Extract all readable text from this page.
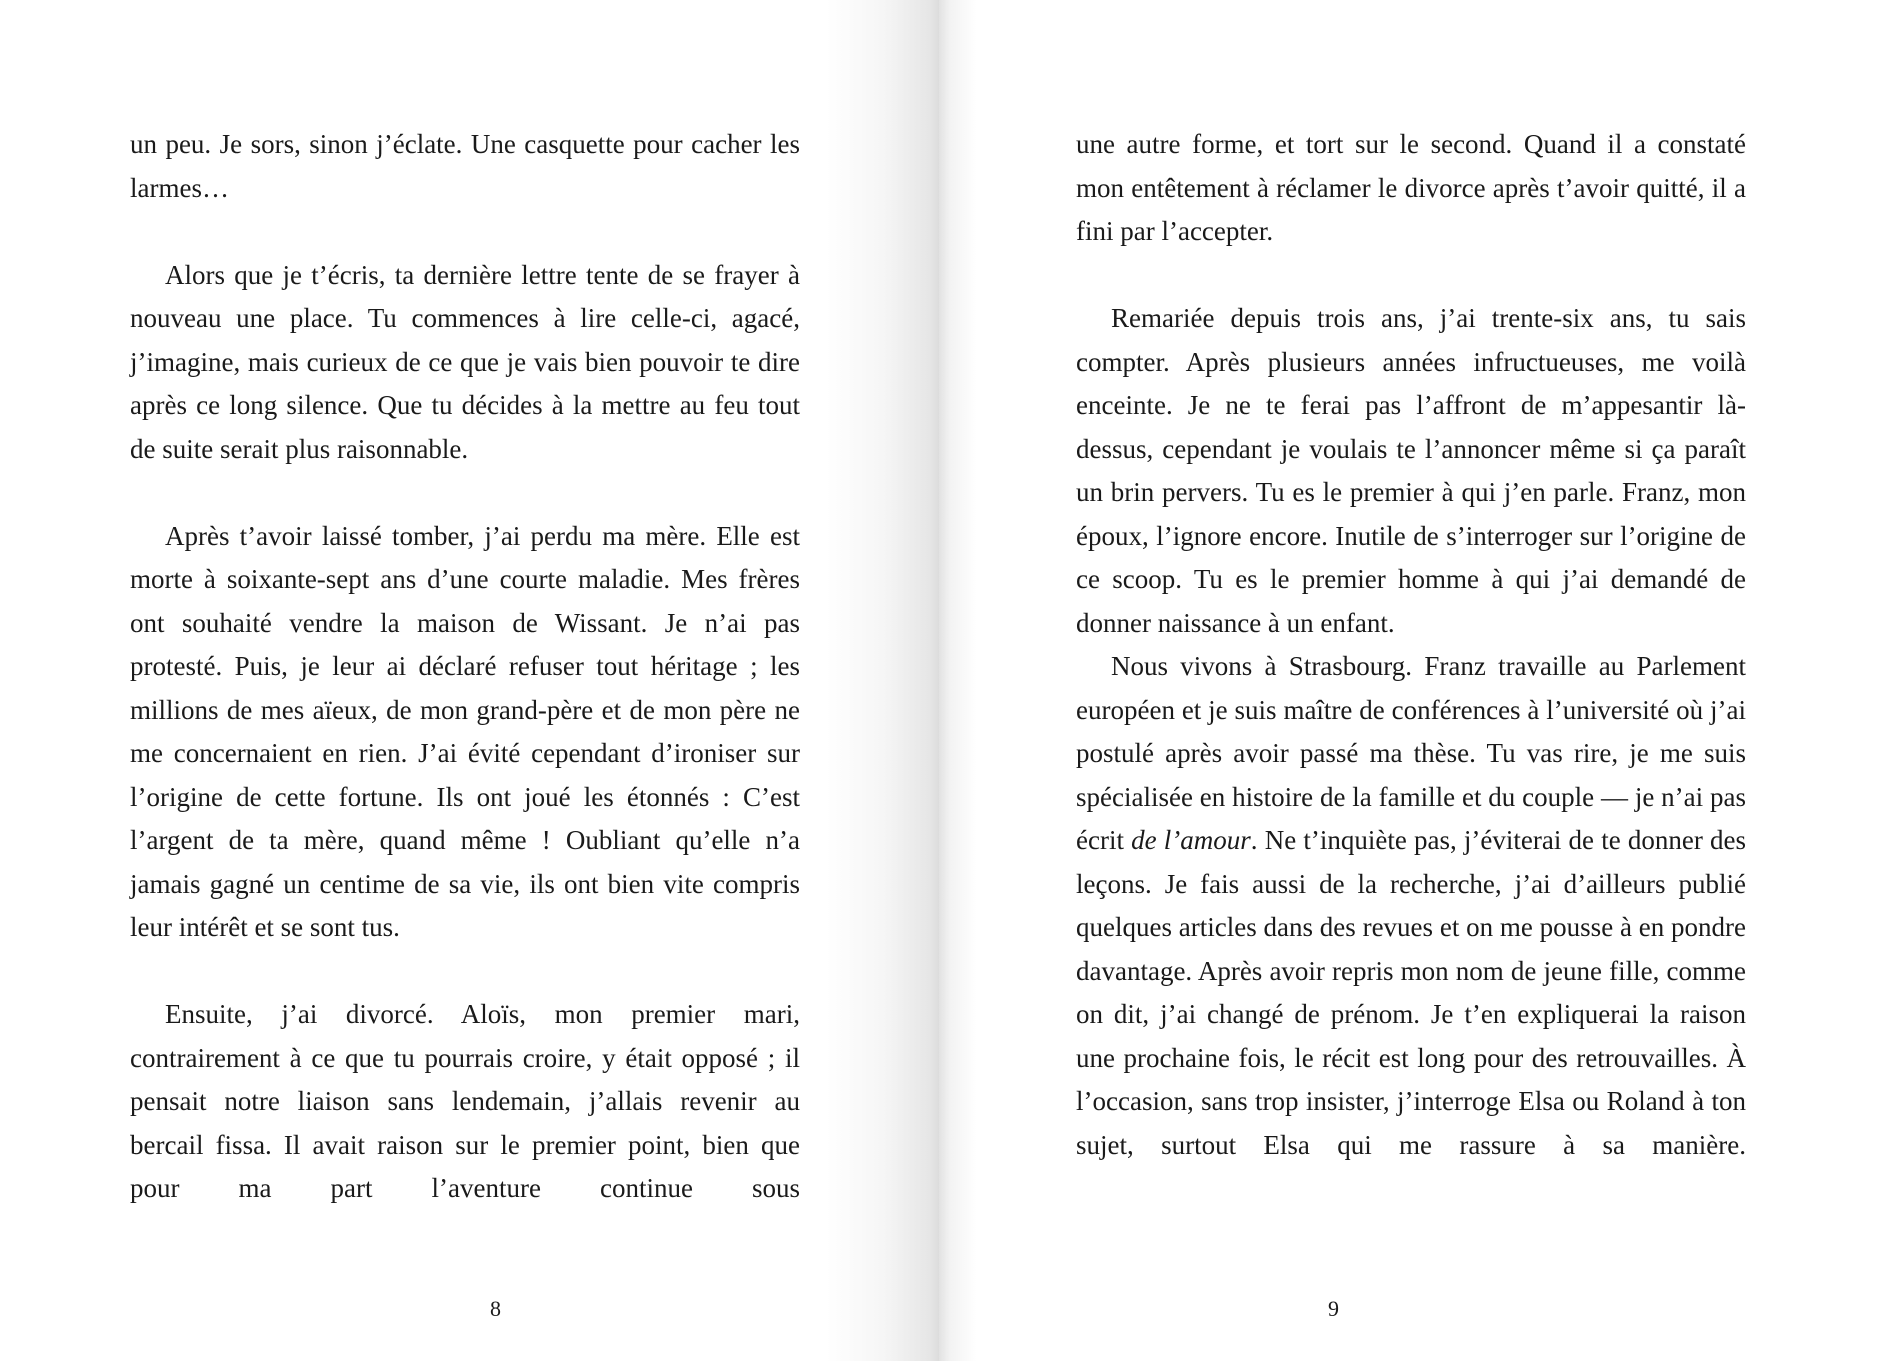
un peu. Je sors, sinon j’éclate. Une casquette pour cacher les larmes…

Alors que je t’écris, ta dernière lettre tente de se frayer à nouveau une place. Tu commences à lire celle-ci, agacé, j’imagine, mais curieux de ce que je vais bien pouvoir te dire après ce long silence. Que tu décides à la mettre au feu tout de suite serait plus raisonnable.

Après t’avoir laissé tomber, j’ai perdu ma mère. Elle est morte à soixante-sept ans d’une courte maladie. Mes frères ont souhaité vendre la maison de Wissant. Je n’ai pas protesté. Puis, je leur ai déclaré refuser tout héritage ; les millions de mes aïeux, de mon grand-père et de mon père ne me concernaient en rien. J’ai évité cependant d’ironiser sur l’origine de cette fortune. Ils ont joué les étonnés : C’est l’argent de ta mère, quand même ! Oubliant qu’elle n’a jamais gagné un centime de sa vie, ils ont bien vite compris leur intérêt et se sont tus.

Ensuite, j’ai divorcé. Aloïs, mon premier mari, contrairement à ce que tu pourrais croire, y était opposé ; il pensait notre liaison sans lendemain, j’allais revenir au bercail fissa. Il avait raison sur le premier point, bien que pour ma part l’aventure continue sous

8

une autre forme, et tort sur le second. Quand il a constaté mon entêtement à réclamer le divorce après t’avoir quitté, il a fini par l’accepter.

Remariée depuis trois ans, j’ai trente-six ans, tu sais compter. Après plusieurs années infructueuses, me voilà enceinte. Je ne te ferai pas l’affront de m’appesantir là-dessus, cependant je voulais te l’annoncer même si ça paraît un brin pervers. Tu es le premier à qui j’en parle. Franz, mon époux, l’ignore encore. Inutile de s’interroger sur l’origine de ce scoop. Tu es le premier homme à qui j’ai demandé de donner naissance à un enfant.

Nous vivons à Strasbourg. Franz travaille au Parlement européen et je suis maître de conférences à l’université où j’ai postulé après avoir passé ma thèse. Tu vas rire, je me suis spécialisée en histoire de la famille et du couple — je n’ai pas écrit de l’amour. Ne t’inquiète pas, j’éviterai de te donner des leçons. Je fais aussi de la recherche, j’ai d’ailleurs publié quelques articles dans des revues et on me pousse à en pondre davantage. Après avoir repris mon nom de jeune fille, comme on dit, j’ai changé de prénom. Je t’en expliquerai la raison une prochaine fois, le récit est long pour des retrouvailles. À l’occasion, sans trop insister, j’interroge Elsa ou Roland à ton sujet, surtout Elsa qui me rassure à sa manière.

9
